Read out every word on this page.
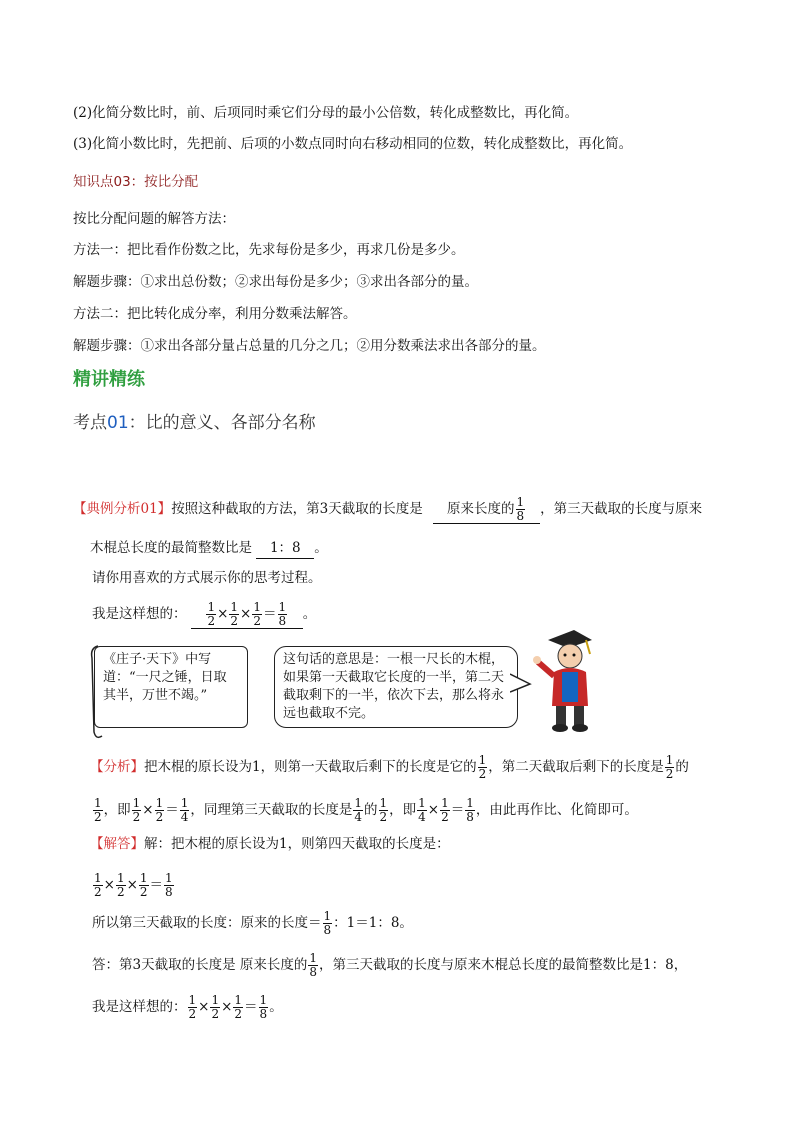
(2)化简分数比时，前、后项同时乘它们分母的最小公倍数，转化成整数比，再化简。
(3)化简小数比时，先把前、后项的小数点同时向右移动相同的位数，转化成整数比，再化简。
知识点03：按比分配
按比分配问题的解答方法：
方法一：把比看作份数之比，先求每份是多少，再求几份是多少。
解题步骤：①求出总份数；②求出每份是多少；③求出各部分的量。
方法二：把比转化成分率，利用分数乘法解答。
解题步骤：①求出各部分量占总量的几分之几；②用分数乘法求出各部分的量。
精讲精练
考点01：比的意义、各部分名称
【典例分析01】按照这种截取的方法，第3天截取的长度是 原来长度的 $\frac{1}{8}$ ，第三天截取的长度与原来
木棍总长度的最简整数比是 1：8 。
请你用喜欢的方式展示你的思考过程。
我是这样想的： $\frac{1}{2} \times \frac{1}{2} \times \frac{1}{2} = \frac{1}{8}$ 。
《庄子·天下》中写道：“一尺之锤，日取其半，万世不竭。”
这句话的意思是：一根一尺长的木棍，如果第一天截取它长度的一半，第二天截取剩下的一半，依次下去，那么将永远也截取不完。
【分析】把木棍的原长设为1，则第一天截取后剩下的长度是它的 $\frac{1}{2}$ ，第二天截取后剩下的长度是 $\frac{1}{2}$ 的
$\frac{1}{2}$ ，即 $\frac{1}{2} \times \frac{1}{2} = \frac{1}{4}$ ，同理第三天截取的长度是 $\frac{1}{4}$ 的 $\frac{1}{2}$ ，即 $\frac{1}{4} \times \frac{1}{2} = \frac{1}{8}$ ，由此再作比、化简即可。
【解答】解：把木棍的原长设为1，则第四天截取的长度是：
$\frac{1}{2} \times \frac{1}{2} \times \frac{1}{2} = \frac{1}{8}$
所以第三天截取的长度：原来的长度＝ $\frac{1}{8}$ ：1＝1：8。
答：第3天截取的长度是 原来长度的 $\frac{1}{8}$ ，第三天截取的长度与原来木棍总长度的最简整数比是1：8，
我是这样想的： $\frac{1}{2} \times \frac{1}{2} \times \frac{1}{2} = \frac{1}{8}$ 。
